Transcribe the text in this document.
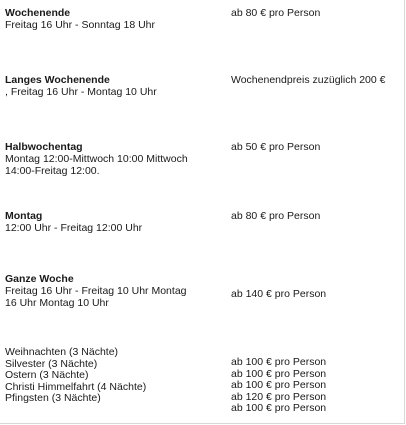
Wochenende
Freitag 16 Uhr - Sonntag 18 Uhr
ab 80 € pro Person
Langes Wochenende
, Freitag 16 Uhr - Montag 10 Uhr
Wochenendpreis zuzüglich 200 €
Halbwochentag
Montag 12:00-Mittwoch 10:00 Mittwoch
14:00-Freitag 12:00.
ab 50 € pro Person
Montag
12:00 Uhr - Freitag 12:00 Uhr
ab 80 € pro Person
Ganze Woche
Freitag 16 Uhr - Freitag 10 Uhr Montag
16 Uhr Montag 10 Uhr
ab 140 € pro Person
Weihnachten (3 Nächte)
Silvester (3 Nächte)
Ostern (3 Nächte)
Christi Himmelfahrt (4 Nächte)
Pfingsten (3 Nächte)
ab 100 € pro Person
ab 100 € pro Person
ab 100 € pro Person
ab 120 € pro Person
ab 100 € pro Person
